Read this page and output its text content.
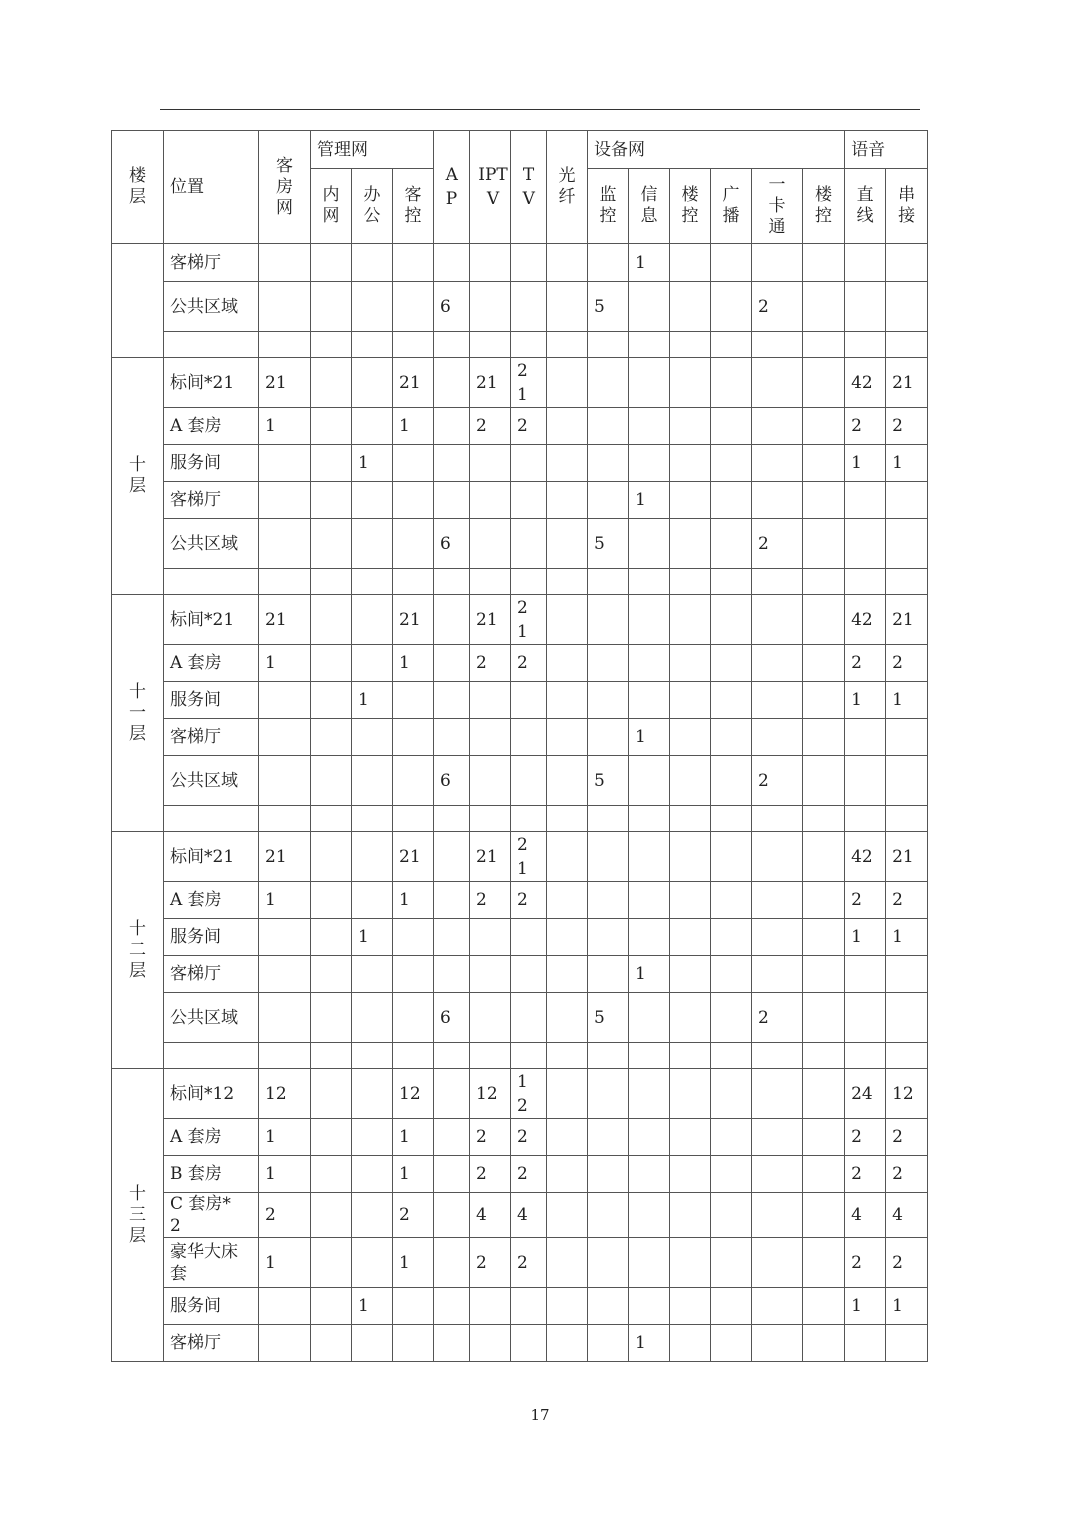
楼层	位置	客房网	管理网			AP	IPTV	TV	光纤	设备网						语音	
			内网	办公	客控					监控	信息	楼控	广播	一卡通	楼控	直线	串接
	客梯厅										1						
	公共区域					6				5				2			

十层	标间*21	21			21		21	21								42	21
	A 套房	1			1		2	2								2	2
	服务间			1												1	1
	客梯厅										1						
	公共区域					6				5				2			

十一层	标间*21	21			21		21	21								42	21
	A 套房	1			1		2	2								2	2
	服务间			1												1	1
	客梯厅										1						
	公共区域					6				5				2			

十二层	标间*21	21			21		21	21								42	21
	A 套房	1			1		2	2								2	2
	服务间			1												1	1
	客梯厅										1						
	公共区域					6				5				2			

十三层	标间*12	12			12		12	12								24	12
	A 套房	1			1		2	2								2	2
	B 套房	1			1		2	2								2	2
	C 套房*2	2			2		4	4								4	4
	豪华大床套	1			1		2	2								2	2
	服务间			1												1	1
	客梯厅										1						
17
